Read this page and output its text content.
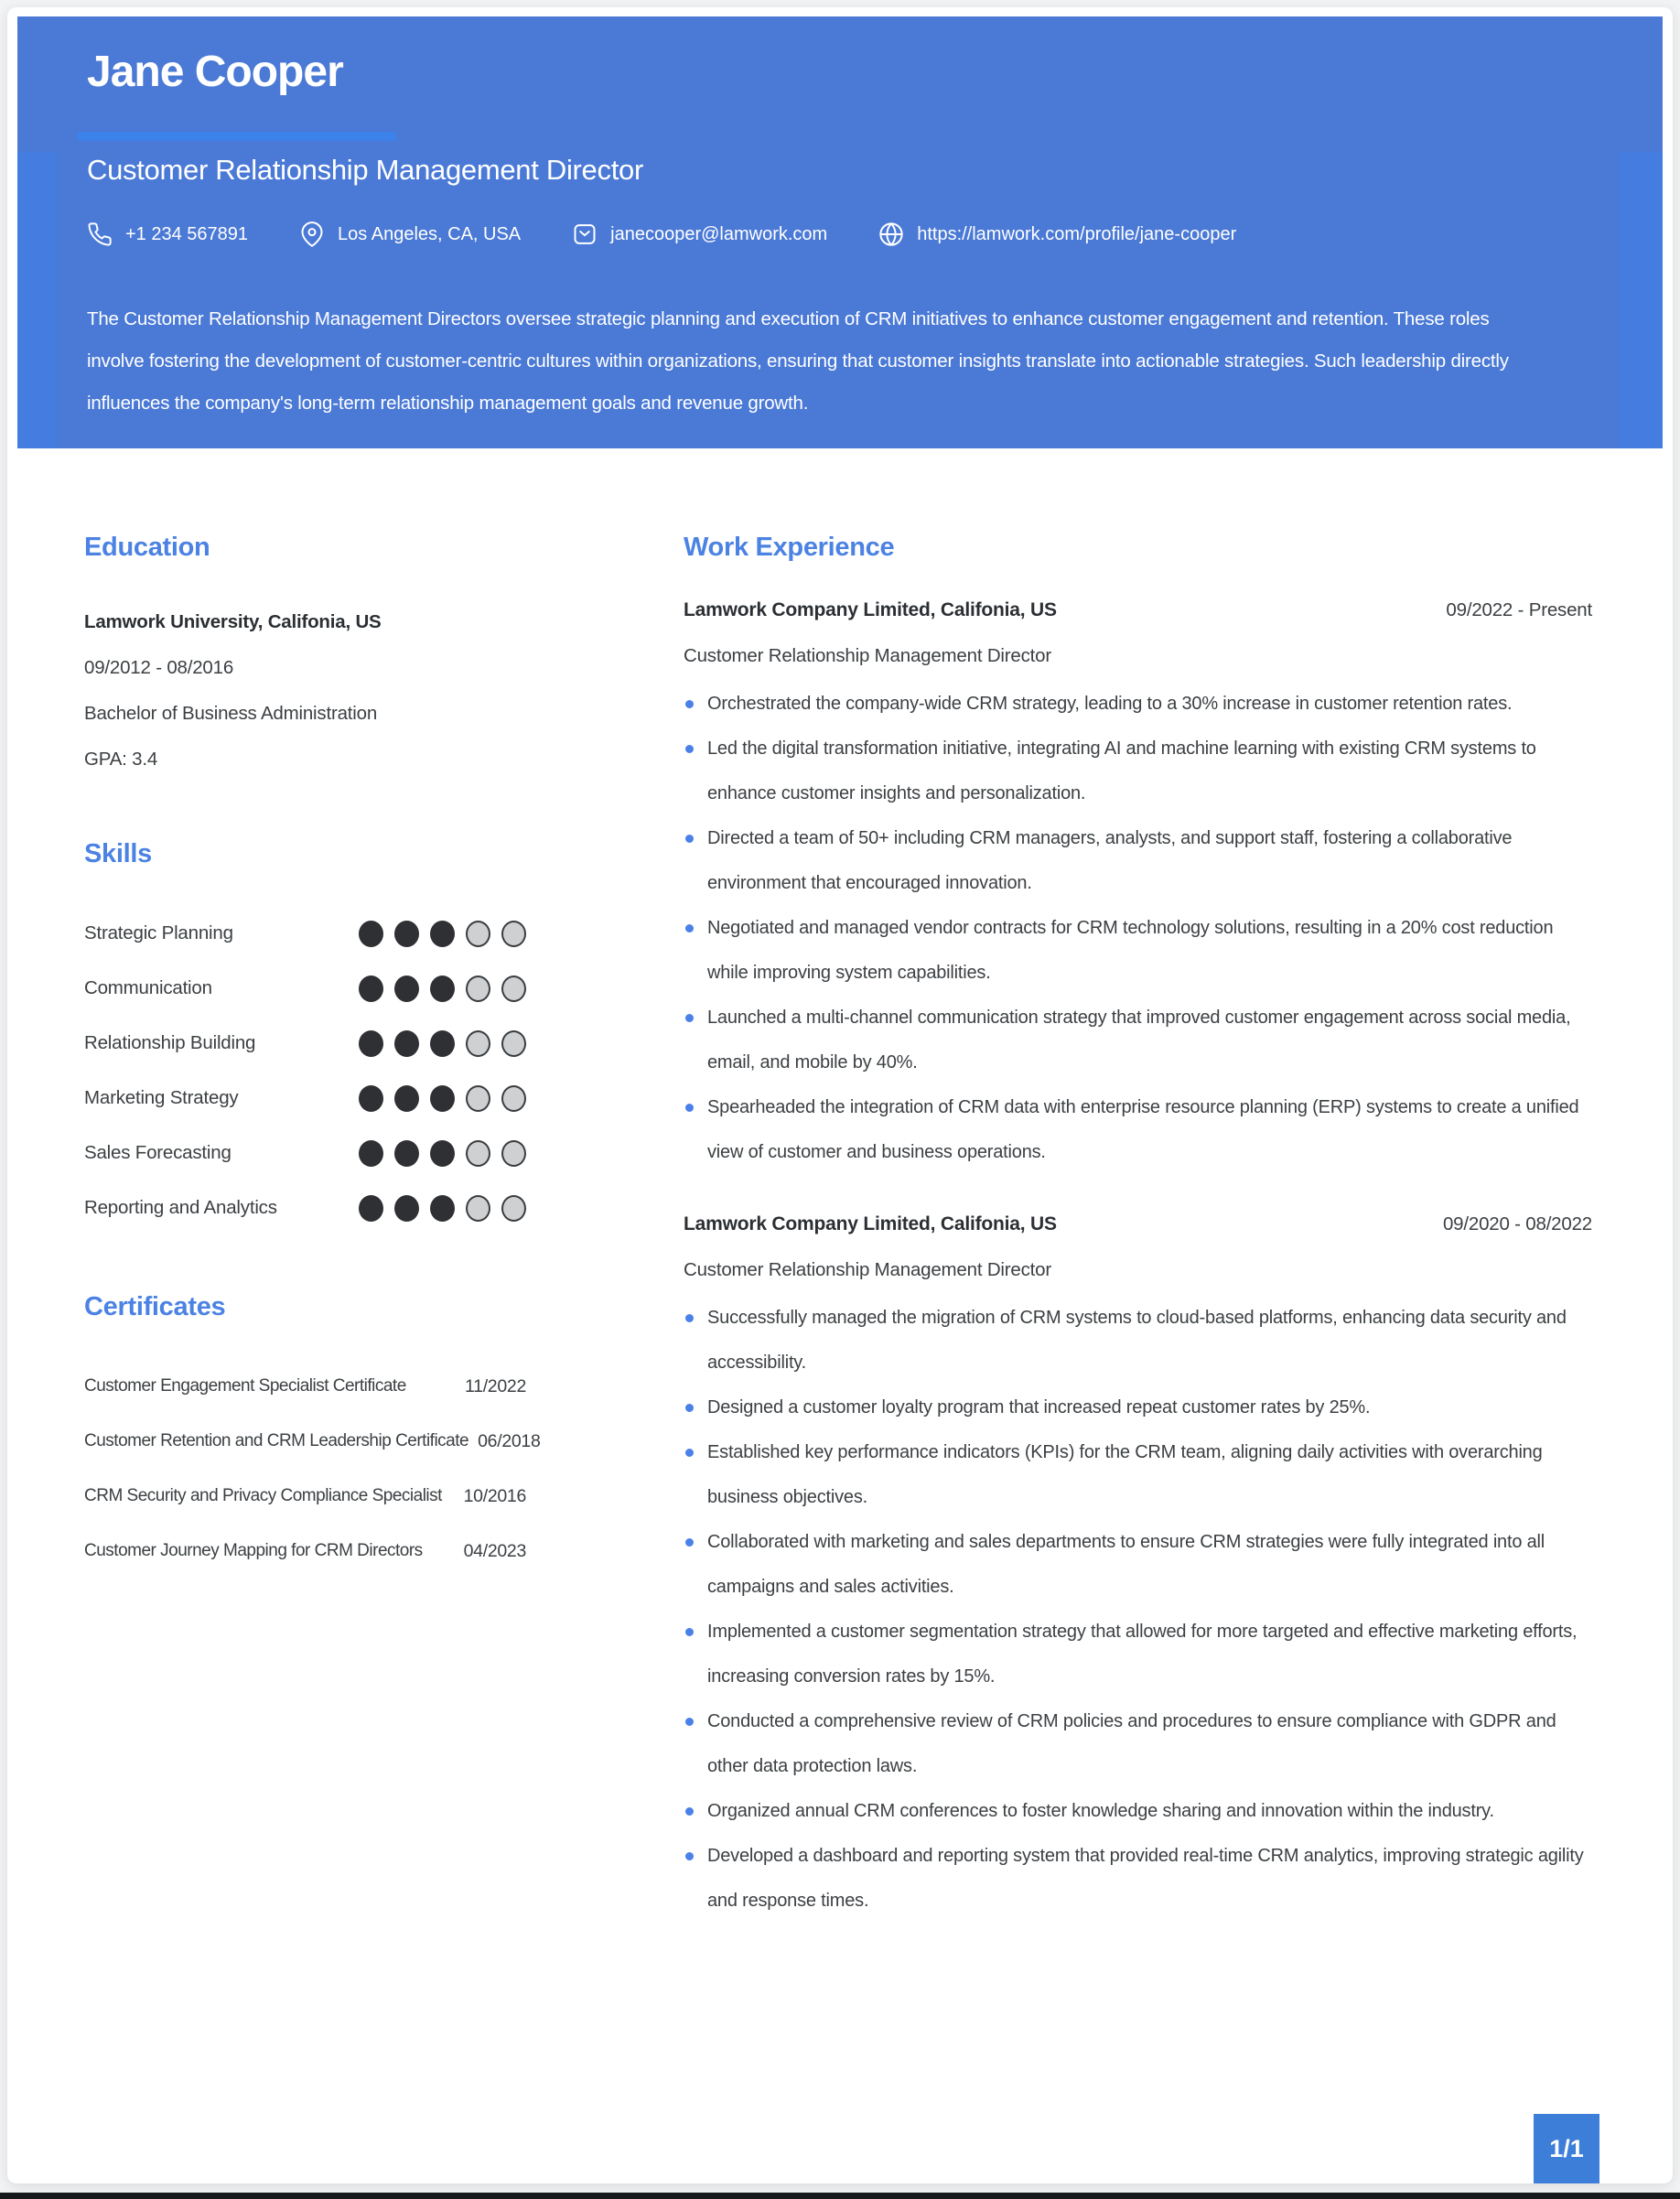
Jane Cooper
Customer Relationship Management Director
+1 234 567891	Los Angeles, CA, USA	janecooper@lamwork.com	https://lamwork.com/profile/jane-cooper

The Customer Relationship Management Directors oversee strategic planning and execution of CRM initiatives to enhance customer engagement and retention. These roles involve fostering the development of customer-centric cultures within organizations, ensuring that customer insights translate into actionable strategies. Such leadership directly influences the company's long-term relationship management goals and revenue growth.

Education

Lamwork University, Califonia, US

09/2012 - 08/2016

Bachelor of Business Administration

GPA: 3.4

Skills
Strategic Planning
Communication
Relationship Building
Marketing Strategy
Sales Forecasting
Reporting and Analytics
Certificates
Customer Engagement Specialist Certificate	11/2022
Customer Retention and CRM Leadership Certificate 06/2018
CRM Security and Privacy Compliance Specialist 10/2016
Customer Journey Mapping for CRM Directors 04/2023
Work Experience
Lamwork Company Limited, Califonia, US	09/2022 - Present
Customer Relationship Management Director
Orchestrated the company-wide CRM strategy, leading to a 30% increase in customer retention rates.
Led the digital transformation initiative, integrating AI and machine learning with existing CRM systems to enhance customer insights and personalization.
Directed a team of 50+ including CRM managers, analysts, and support staff, fostering a collaborative environment that encouraged innovation.
Negotiated and managed vendor contracts for CRM technology solutions, resulting in a 20% cost reduction while improving system capabilities.
Launched a multi-channel communication strategy that improved customer engagement across social media, email, and mobile by 40%.
Spearheaded the integration of CRM data with enterprise resource planning (ERP) systems to create a unified view of customer and business operations.
Lamwork Company Limited, Califonia, US	09/2020 - 08/2022
Customer Relationship Management Director
Successfully managed the migration of CRM systems to cloud-based platforms, enhancing data security and accessibility.
Designed a customer loyalty program that increased repeat customer rates by 25%.
Established key performance indicators (KPIs) for the CRM team, aligning daily activities with overarching business objectives.
Collaborated with marketing and sales departments to ensure CRM strategies were fully integrated into all campaigns and sales activities.
Implemented a customer segmentation strategy that allowed for more targeted and effective marketing efforts, increasing conversion rates by 15%.
Conducted a comprehensive review of CRM policies and procedures to ensure compliance with GDPR and other data protection laws.
Organized annual CRM conferences to foster knowledge sharing and innovation within the industry.
Developed a dashboard and reporting system that provided real-time CRM analytics, improving strategic agility and response times.
1/1
